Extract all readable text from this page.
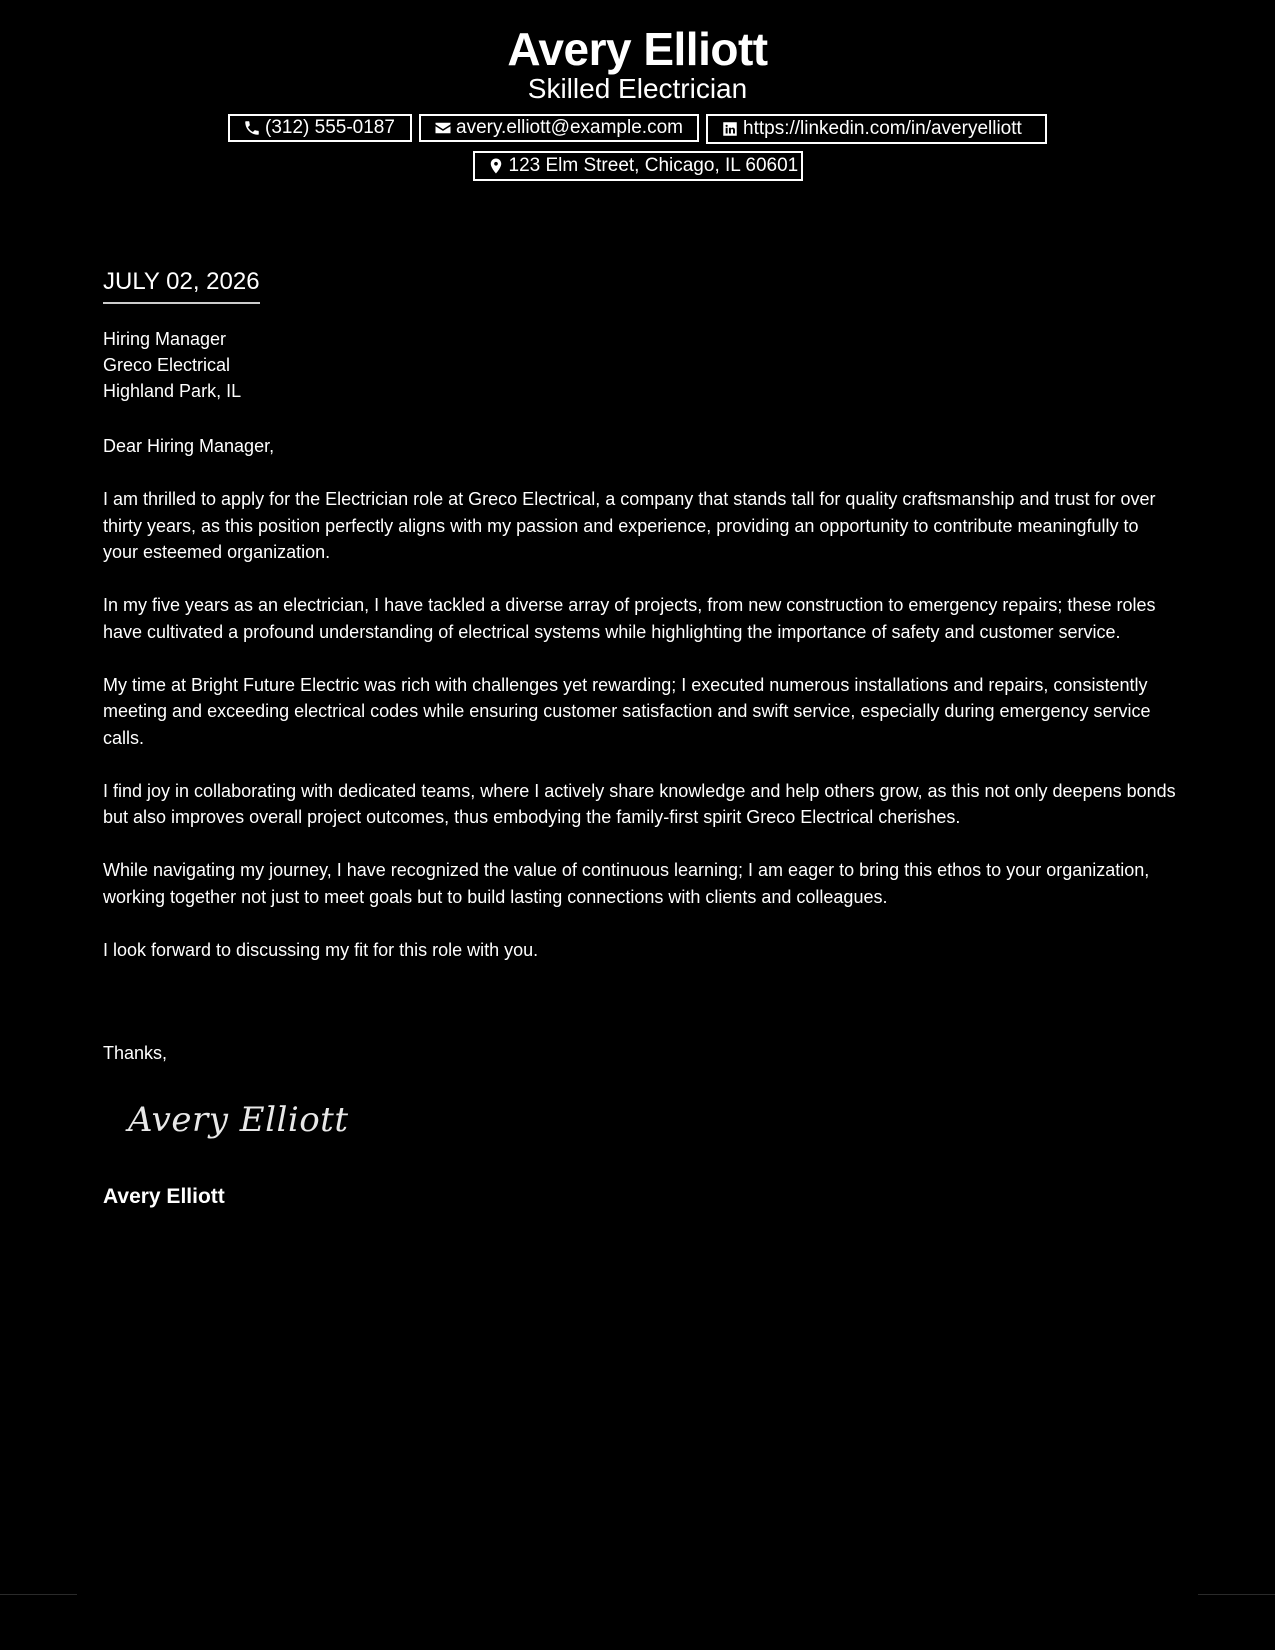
Avery Elliott
Skilled Electrician
(312) 555-0187	avery.elliott@example.com	https://linkedin.com/in/averyelliott
123 Elm Street, Chicago, IL 60601
JULY 02, 2026
Hiring Manager
Greco Electrical
Highland Park, IL
Dear Hiring Manager,

I am thrilled to apply for the Electrician role at Greco Electrical, a company that stands tall for quality craftsmanship and trust for over thirty years, as this position perfectly aligns with my passion and experience, providing an opportunity to contribute meaningfully to your esteemed organization.

In my five years as an electrician, I have tackled a diverse array of projects, from new construction to emergency repairs; these roles have cultivated a profound understanding of electrical systems while highlighting the importance of safety and customer service.

My time at Bright Future Electric was rich with challenges yet rewarding; I executed numerous installations and repairs, consistently meeting and exceeding electrical codes while ensuring customer satisfaction and swift service, especially during emergency service calls.

I find joy in collaborating with dedicated teams, where I actively share knowledge and help others grow, as this not only deepens bonds but also improves overall project outcomes, thus embodying the family-first spirit Greco Electrical cherishes.

While navigating my journey, I have recognized the value of continuous learning; I am eager to bring this ethos to your organization, working together not just to meet goals but to build lasting connections with clients and colleagues.

I look forward to discussing my fit for this role with you.

Thanks,
Avery Elliott
Avery Elliott
